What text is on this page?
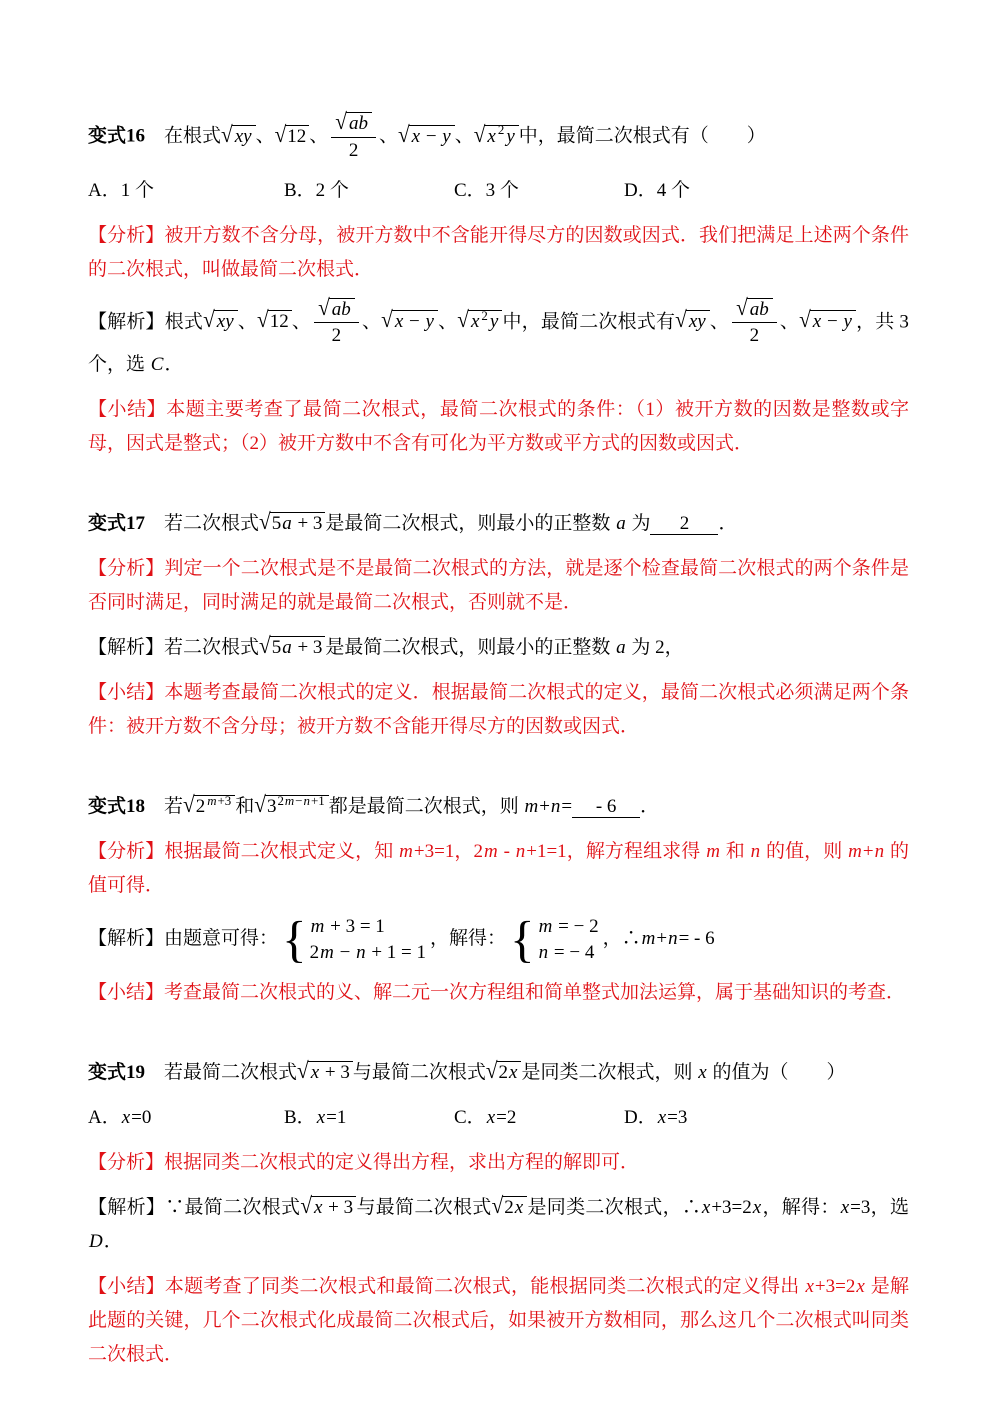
变式16　在根式√ xy 、√12 、 $\frac{√ ab}{2}$ 、√ x − y 、√ x $^2$ y 中，最简二次根式有（　　）

A．1 个	B．2 个	C．3 个	D．4 个

【分析】被开方数不含分母，被开方数中不含能开得尽方的因数或因式．我们把满足上述两个条件的二次根式，叫做最简二次根式．

【解析】根式√ xy 、√12 、 $\frac{√ ab}{2}$ 、√ x − y 、√ x $^2$ y 中，最简二次根式有√ xy 、 $\frac{√ ab}{2}$ 、√ x − y ，共 3 个，选 C．

【小结】本题主要考查了最简二次根式，最简二次根式的条件：（1）被开方数的因数是整数或字母，因式是整式；（2）被开方数中不含有可化为平方数或平方式的因数或因式．

变式17　若二次根式√5a + 3 是最简二次根式，则最小的正整数 a 为 2 ．

【分析】判定一个二次根式是不是最简二次根式的方法，就是逐个检查最简二次根式的两个条件是否同时满足，同时满足的就是最简二次根式，否则就不是．

【解析】若二次根式√5a + 3 是最简二次根式，则最小的正整数 a 为 2，

【小结】本题考查最简二次根式的定义．根据最简二次根式的定义，最简二次根式必须满足两个条件：被开方数不含分母；被开方数不含能开得尽方的因数或因式．

变式18　若√2 $^{m+3}$ 和$√3^{2m-n+1}$ 都是最简二次根式，则 m+n= - 6 ．

【分析】根据最简二次根式定义，知 m+3=1，2m - n+1=1，解方程组求得 m 和 n 的值，则 m+n 的值可得．

【解析】由题意可得： { m + 3 = 1
2m − n + 1 = 1
，解得： { m = − 2
n = − 4
，∴m+n= - 6

【小结】考查最简二次根式的义、解二元一次方程组和简单整式加法运算，属于基础知识的考查．

变式19　若最简二次根式√ x + 3 与最简二次根式√2x 是同类二次根式，则 x 的值为（　　）

A．x=0	B．x=1	C．x=2	D．x=3

【分析】根据同类二次根式的定义得出方程，求出方程的解即可．

【解析】∵最简二次根式√ x + 3 与最简二次根式√2x 是同类二次根式，∴x+3=2x，解得：x=3，选 D．

【小结】本题考查了同类二次根式和最简二次根式，能根据同类二次根式的定义得出 x+3=2x 是解此题的关键，几个二次根式化成最简二次根式后，如果被开方数相同，那么这几个二次根式叫同类二次根式．
